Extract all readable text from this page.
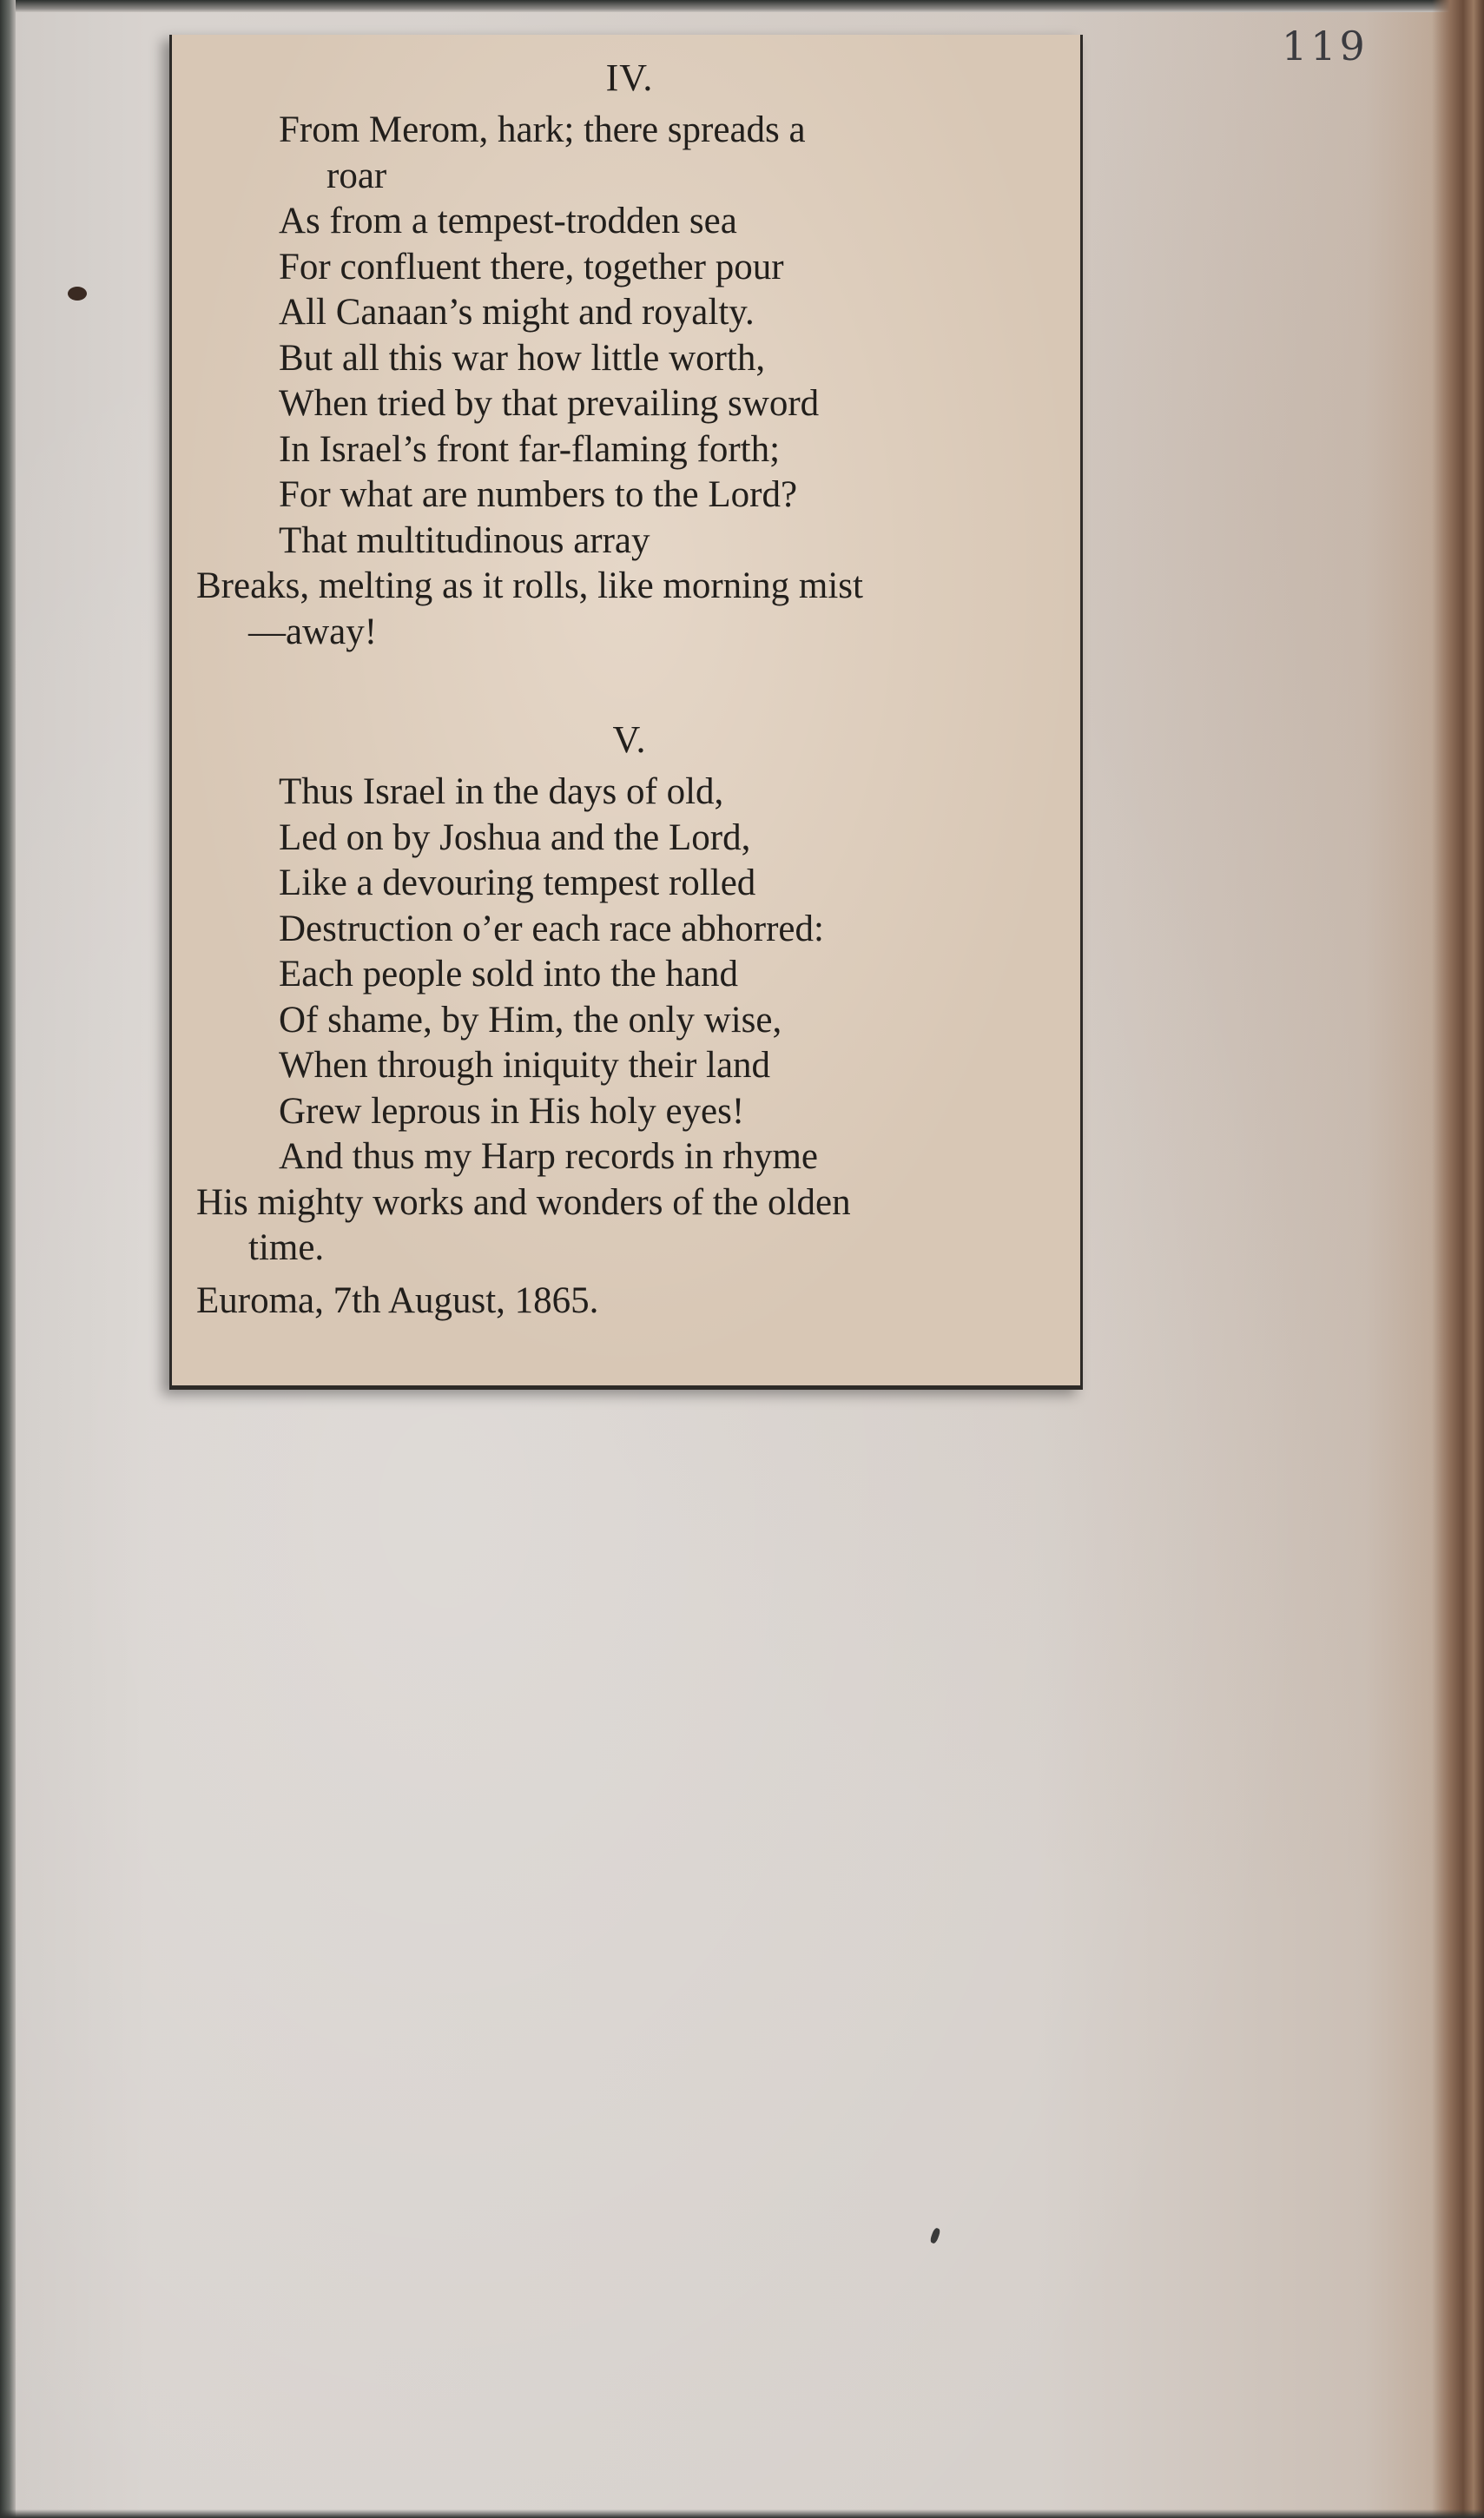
119
IV.
From Merom, hark; there spreads a
roar
As from a tempest-trodden sea
For confluent there, together pour
All Canaan’s might and royalty.
But all this war how little worth,
When tried by that prevailing sword
In Israel’s front far-flaming forth;
For what are numbers to the Lord?
That multitudinous array
Breaks, melting as it rolls, like morning mist
—away!
V.
Thus Israel in the days of old,
Led on by Joshua and the Lord,
Like a devouring tempest rolled
Destruction o’er each race abhorred:
Each people sold into the hand
Of shame, by Him, the only wise,
When through iniquity their land
Grew leprous in His holy eyes!
And thus my Harp records in rhyme
His mighty works and wonders of the olden
time.
Euroma, 7th August, 1865.
